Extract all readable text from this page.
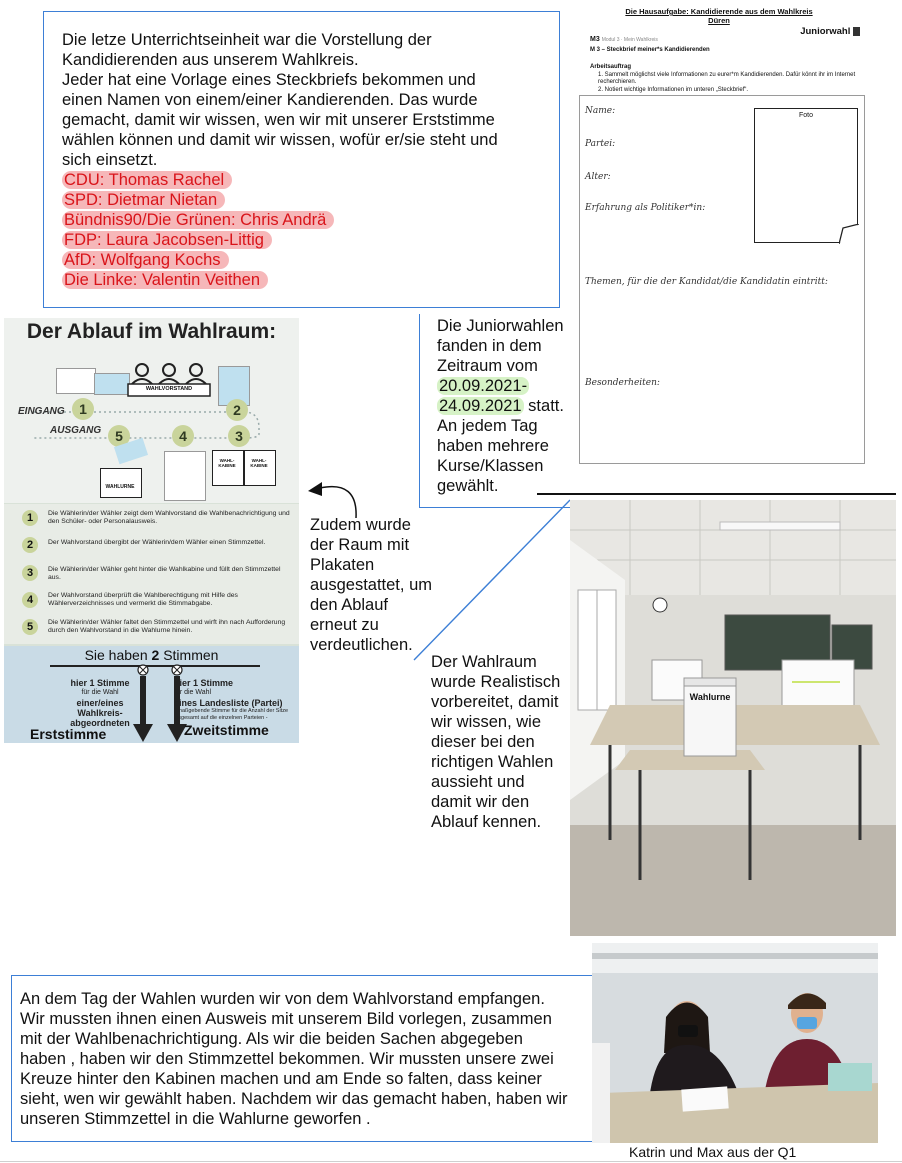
Die letze Unterrichtseinheit war die Vorstellung der

Kandidierenden aus unserem Wahlkreis.

Jeder hat eine Vorlage eines Steckbriefs bekommen und

einen Namen von einem/einer Kandierenden. Das wurde

gemacht, damit wir wissen, wen wir mit unserer Erststimme

wählen können und damit wir wissen, wofür er/sie steht und

sich einsetzt.

CDU: Thomas Rachel

SPD: Dietmar Nietan

Bündnis90/Die Grünen: Chris Andrä

FDP: Laura Jacobsen-Littig

AfD: Wolfgang Kochs

Die Linke: Valentin Veithen

Die Hausaufgabe: Kandidierende aus dem Wahlkreis Düren
Juniorwahl
M3 Modul 3 · Mein Wahlkreis
M 3 – Steckbrief meiner*s Kandidierenden
Arbeitsauftrag
1. Sammelt möglichst viele Informationen zu eurer*m Kandidierenden. Dafür könnt ihr im Internet recherchieren.
2. Notiert wichtige Informationen im unteren „Steckbrief“.
Name:
Partei:
Alter:
Erfahrung als Politiker*in:
Themen, für die der Kandidat/die Kandidatin eintritt:
Besonderheiten:
Foto

Die Juniorwahlen

fanden in dem

Zeitraum vom

20.09.2021-

24.09.2021 statt.

An jedem Tag

haben mehrere

Kurse/Klassen

gewählt.

Der Ablauf im Wahlraum:
WAHLVORSTAND
1	2
5	4	3
EINGANG
AUSGANG
WAHLURNE
WAHL-KABINE
WAHL-KABINE
1	Die Wählerin/der Wähler zeigt dem Wahlvorstand die Wahlbenachrichtigung und den Schüler- oder Personalausweis.
2	Der Wahlvorstand übergibt der Wählerin/dem Wähler einen Stimmzettel.
3	Die Wählerin/der Wähler geht hinter die Wahlkabine und füllt den Stimmzettel aus.
4	Der Wahlvorstand überprüft die Wahlberechtigung mit Hilfe des Wählerverzeichnisses und vermerkt die Stimmabgabe.
5	Die Wählerin/der Wähler faltet den Stimmzettel und wirft ihn nach Aufforderung durch den Wahlvorstand in die Wahlurne hinein.
Sie haben 2 Stimmen
hier 1 Stimme
für die Wahl
einer/eines Wahlkreis-
abgeordneten
hier 1 Stimme
für die Wahl
eines Landesliste (Partei)
- maßgebende Stimme für die Anzahl der Sitze insgesamt auf die einzelnen Parteien -
Erststimme	Zweitstimme

Zudem wurde

der Raum mit

Plakaten

ausgestattet, um

den Ablauf

erneut zu

verdeutlichen.

Der Wahlraum

wurde Realistisch

vorbereitet, damit

wir wissen, wie

dieser bei den

richtigen Wahlen

aussieht und

damit wir den

Ablauf kennen.

Wahlurne

An dem Tag der Wahlen wurden wir von dem Wahlvorstand empfangen.

Wir mussten ihnen einen Ausweis mit unserem Bild vorlegen, zusammen

mit der Wahlbenachrichtigung. Als wir die beiden Sachen abgegeben

haben , haben wir den Stimmzettel bekommen. Wir mussten unsere zwei

Kreuze hinter den Kabinen machen und am Ende so falten, dass keiner

sieht, wen wir gewählt haben. Nachdem wir das gemacht haben, haben wir

unseren Stimmzettel in die Wahlurne geworfen .

Katrin und Max aus der Q1
